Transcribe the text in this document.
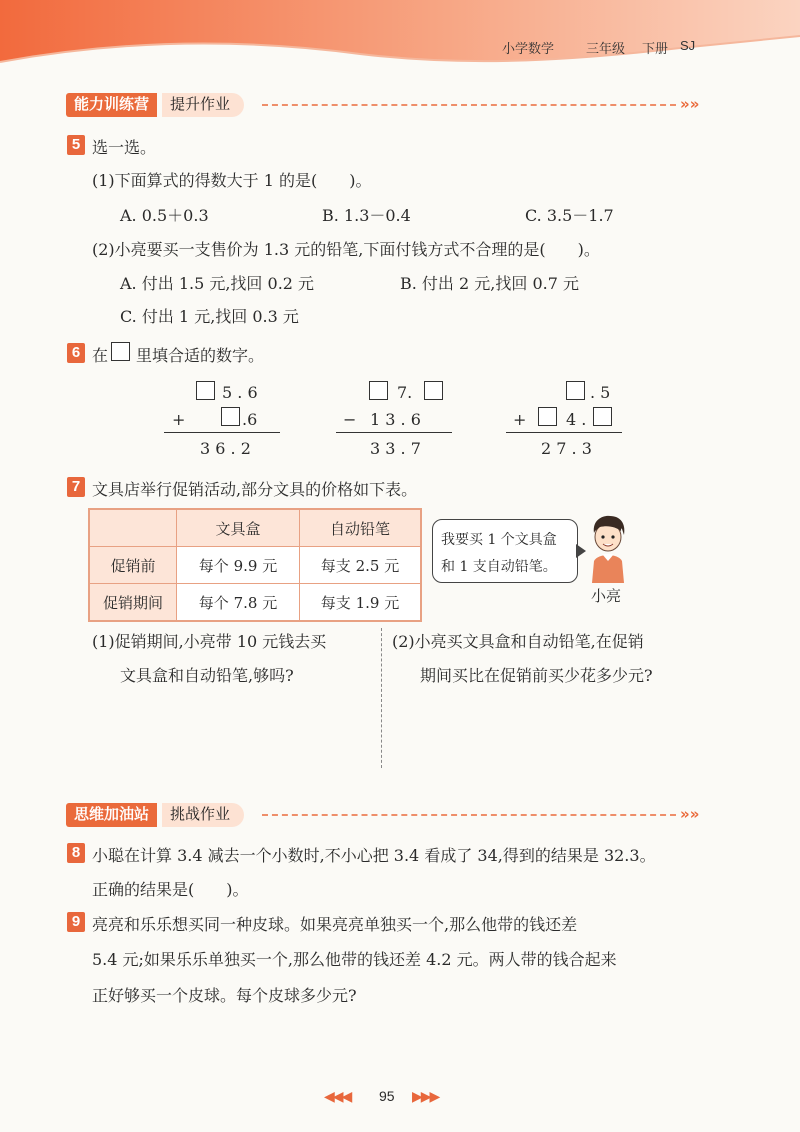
小学数学 三年级 下册 SJ
能力训练营	提升作业	»»
5 选一选。
(1)下面算式的得数大于 1 的是(　　)。
A. 0.5＋0.3	B. 1.3－0.4	C. 3.5－1.7
(2)小亮要买一支售价为 1.3 元的铅笔,下面付钱方式不合理的是(　　)。
A. 付出 1.5 元,找回 0.2 元	B. 付出 2 元,找回 0.7 元
C. 付出 1 元,找回 0.3 元
6 在 里填合适的数字。
5 . 6
+	.6
3 6 . 2
7.
− 1 3 . 6
3 3 . 7
. 5
+ 4 .
2 7 . 3
7 文具店举行促销活动,部分文具的价格如下表。
	文具盒	自动铅笔
促销前	每个 9.9 元	每支 2.5 元
促销期间	每个 7.8 元	每支 1.9 元
我要买 1 个文具盒
和 1 支自动铅笔。
小亮
(1)促销期间,小亮带 10 元钱去买
文具盒和自动铅笔,够吗?
(2)小亮买文具盒和自动铅笔,在促销
期间买比在促销前买少花多少元?
思维加油站	挑战作业	»»
8 小聪在计算 3.4 减去一个小数时,不小心把 3.4 看成了 34,得到的结果是 32.3。
正确的结果是(　　)。
9 亮亮和乐乐想买同一种皮球。如果亮亮单独买一个,那么他带的钱还差
5.4 元;如果乐乐单独买一个,那么他带的钱还差 4.2 元。两人带的钱合起来
正好够买一个皮球。每个皮球多少元?
◀◀◀ 95 ▶▶▶
